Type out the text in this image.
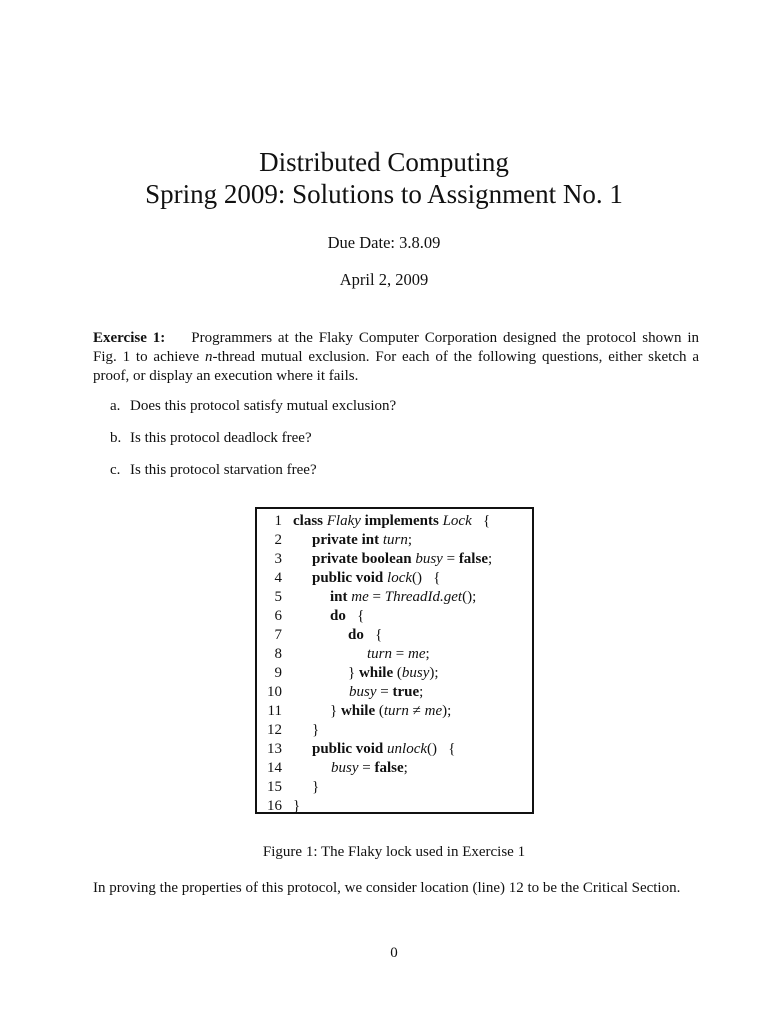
Distributed Computing
Spring 2009: Solutions to Assignment No. 1
Due Date: 3.8.09
April 2, 2009
Exercise 1: Programmers at the Flaky Computer Corporation designed the protocol shown in Fig. 1 to achieve n-thread mutual exclusion. For each of the following questions, either sketch a proof, or display an execution where it fails.
a. Does this protocol satisfy mutual exclusion?
b. Is this protocol deadlock free?
c. Is this protocol starvation free?
1 class Flaky implements Lock {
2 private int turn;
3 private boolean busy = false;
4 public void lock() {
5	int me = ThreadId.get();
6	do {
7	do {
8	turn = me;
9	} while (busy);
10	busy = true;
11	} while (turn ≠ me);
12 }
13 public void unlock() {
14	busy = false;
15 }
16 }
Figure 1: The Flaky lock used in Exercise 1
In proving the properties of this protocol, we consider location (line) 12 to be the Critical Section.
0
